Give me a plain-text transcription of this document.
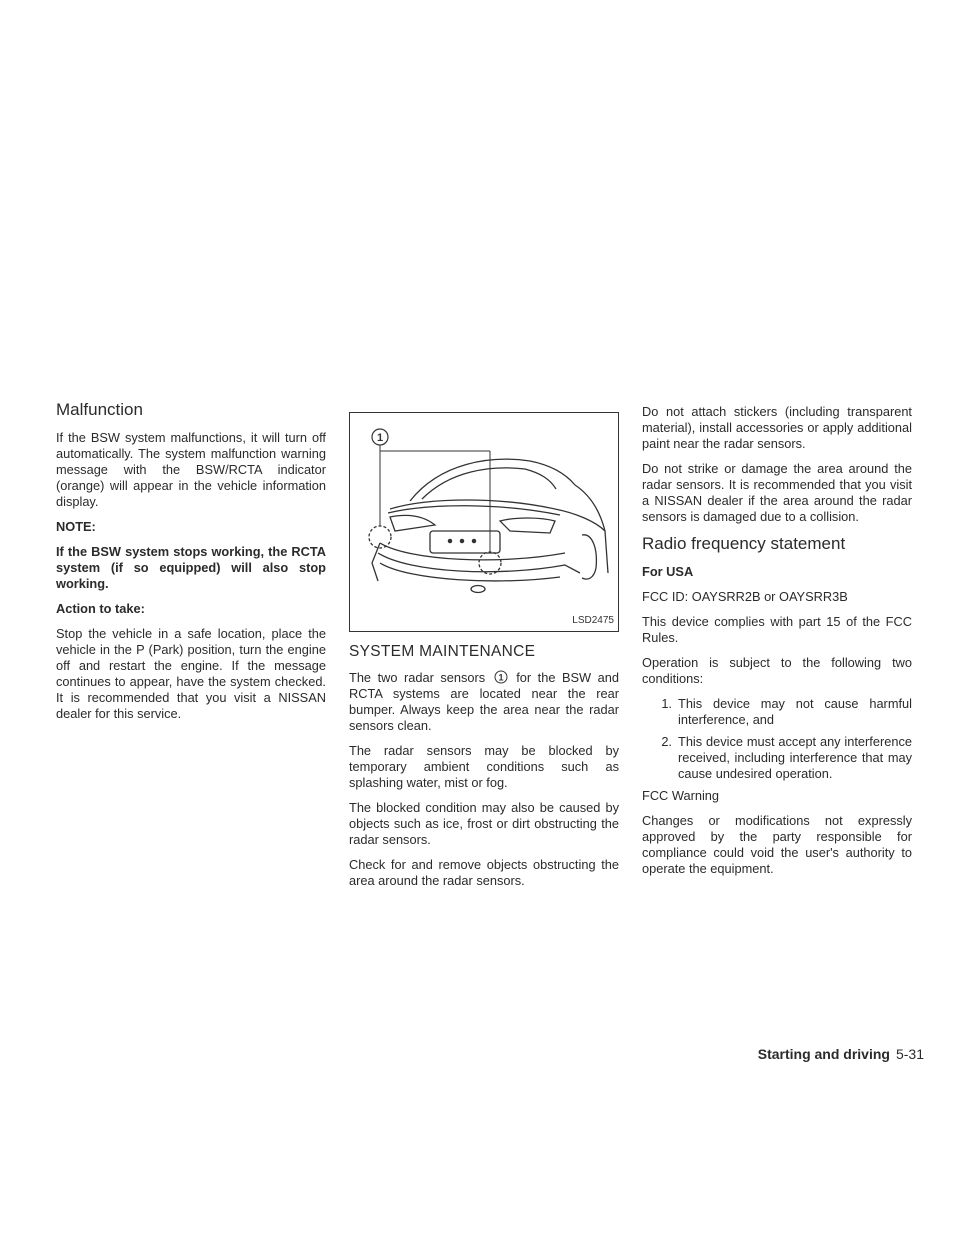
Malfunction

If the BSW system malfunctions, it will turn off automatically. The system malfunction warning message with the BSW/RCTA indicator (orange) will appear in the vehicle information display.

NOTE:

If the BSW system stops working, the RCTA system (if so equipped) will also stop working.

Action to take:

Stop the vehicle in a safe location, place the vehicle in the P (Park) position, turn the engine off and restart the engine. If the message continues to appear, have the system checked. It is recommended that you visit a NISSAN dealer for this service.

1
LSD2475
SYSTEM MAINTENANCE

The two radar sensors 1 for the BSW and RCTA systems are located near the rear bumper. Always keep the area near the radar sensors clean.

The radar sensors may be blocked by temporary ambient conditions such as splashing water, mist or fog.

The blocked condition may also be caused by objects such as ice, frost or dirt obstructing the radar sensors.

Check for and remove objects obstructing the area around the radar sensors.

Do not attach stickers (including transparent material), install accessories or apply additional paint near the radar sensors.

Do not strike or damage the area around the radar sensors. It is recommended that you visit a NISSAN dealer if the area around the radar sensors is damaged due to a collision.

Radio frequency statement

For USA

FCC ID: OAYSRR2B or OAYSRR3B

This device complies with part 15 of the FCC Rules.

Operation is subject to the following two conditions:

1. This device may not cause harmful interference, and
2. This device must accept any interference received, including interference that may cause undesired operation.

FCC Warning

Changes or modifications not expressly approved by the party responsible for compliance could void the user's authority to operate the equipment.

Starting and driving 5-31
